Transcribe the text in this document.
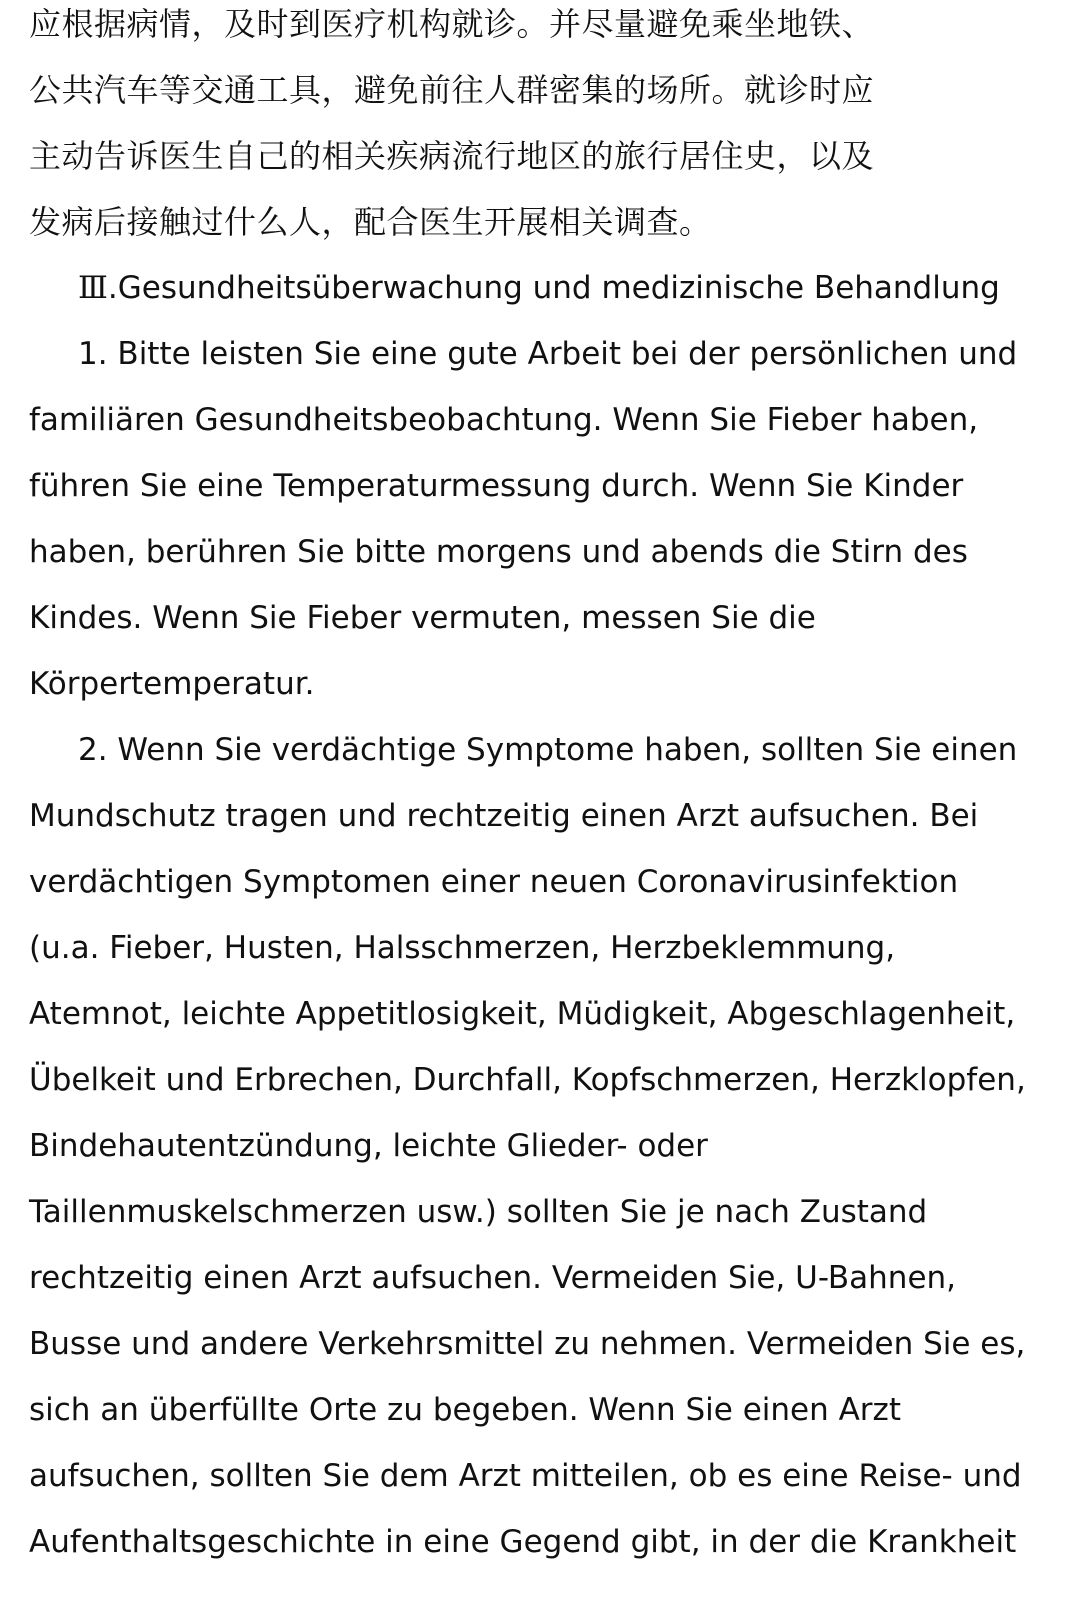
应根据病情，及时到医疗机构就诊。并尽量避免乘坐地铁、

公共汽车等交通工具，避免前往人群密集的场所。就诊时应

主动告诉医生自己的相关疾病流行地区的旅行居住史，以及

发病后接触过什么人，配合医生开展相关调查。

Ⅲ.Gesundheitsüberwachung und medizinische Behandlung

1. Bitte leisten Sie eine gute Arbeit bei der persönlichen und

familiären Gesundheitsbeobachtung. Wenn Sie Fieber haben,

führen Sie eine Temperaturmessung durch. Wenn Sie Kinder

haben, berühren Sie bitte morgens und abends die Stirn des

Kindes. Wenn Sie Fieber vermuten, messen Sie die

Körpertemperatur.

2. Wenn Sie verdächtige Symptome haben, sollten Sie einen

Mundschutz tragen und rechtzeitig einen Arzt aufsuchen. Bei

verdächtigen Symptomen einer neuen Coronavirusinfektion

(u.a. Fieber, Husten, Halsschmerzen, Herzbeklemmung,

Atemnot, leichte Appetitlosigkeit, Müdigkeit, Abgeschlagenheit,

Übelkeit und Erbrechen, Durchfall, Kopfschmerzen, Herzklopfen,

Bindehautentzündung, leichte Glieder- oder

Taillenmuskelschmerzen usw.) sollten Sie je nach Zustand

rechtzeitig einen Arzt aufsuchen. Vermeiden Sie, U-Bahnen,

Busse und andere Verkehrsmittel zu nehmen. Vermeiden Sie es,

sich an überfüllte Orte zu begeben. Wenn Sie einen Arzt

aufsuchen, sollten Sie dem Arzt mitteilen, ob es eine Reise- und

Aufenthaltsgeschichte in eine Gegend gibt, in der die Krankheit
